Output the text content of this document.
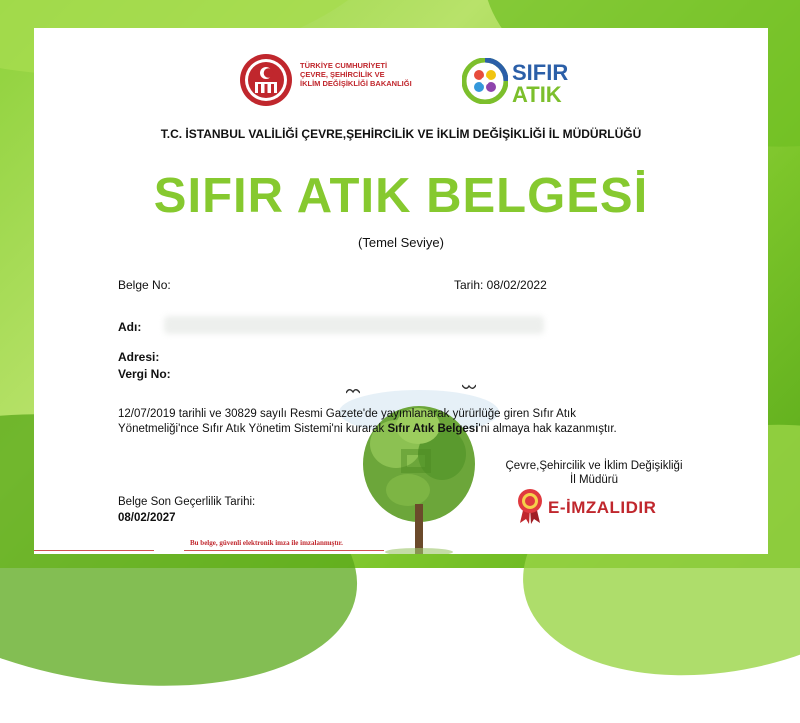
TÜRKİYE CUMHURİYETİ
ÇEVRE, ŞEHİRCİLİK VE
İKLİM DEĞİŞİKLİĞİ BAKANLIĞI	SIFIR
ATIK
T.C. İSTANBUL VALİLİĞİ ÇEVRE,ŞEHİRCİLİK VE İKLİM DEĞİŞİKLİĞİ İL MÜDÜRLÜĞÜ
SIFIR ATIK BELGESİ
(Temel Seviye)
Belge No:	Tarih: 08/02/2022
Adı:
Adresi:
Vergi No:
12/07/2019 tarihli ve 30829 sayılı Resmi Gazete'de yayımlanarak yürürlüğe giren Sıfır Atık
Yönetmeliği'nce Sıfır Atık Yönetim Sistemi'ni kurarak Sıfır Atık Belgesi'ni almaya hak kazanmıştır.
Çevre,Şehircilik ve İklim Değişikliği
İl Müdürü
E-İMZALIDIR
Belge Son Geçerlilik Tarihi:
08/02/2027
Bu belge, güvenli elektronik imza ile imzalanmıştır.
